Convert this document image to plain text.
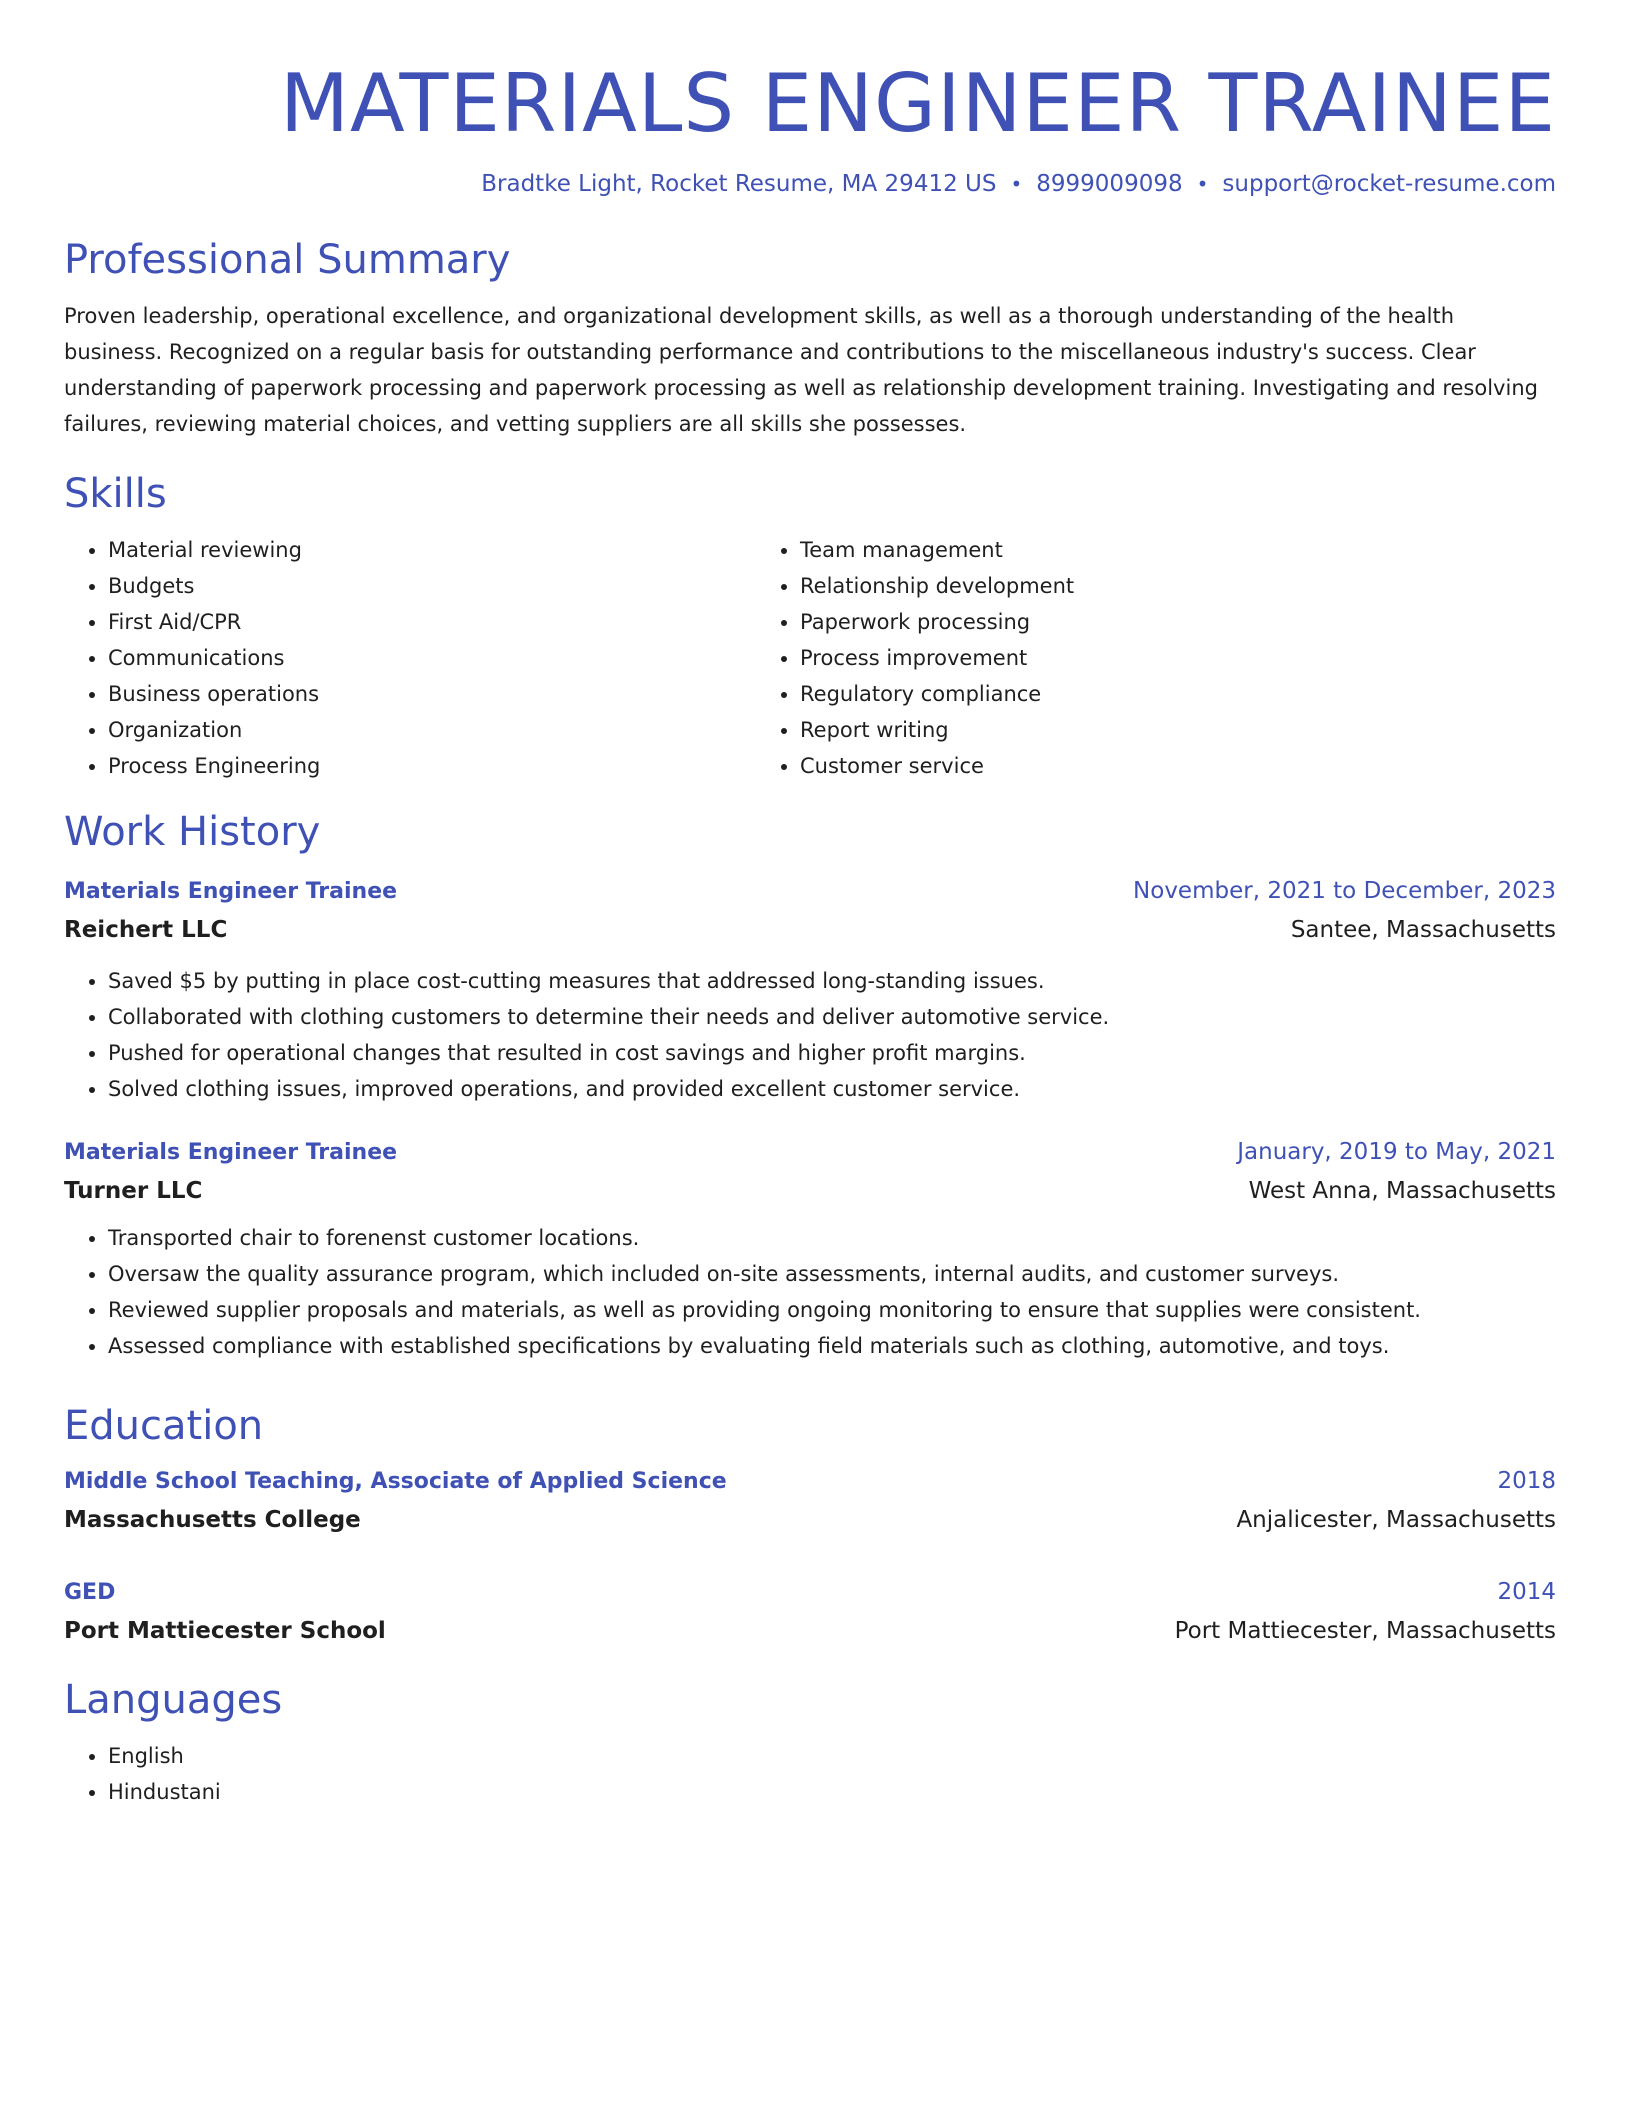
MATERIALS ENGINEER TRAINEE
Bradtke Light, Rocket Resume, MA 29412 US • 8999009098 • support@rocket-resume.com
Professional Summary

Proven leadership, operational excellence, and organizational development skills, as well as a thorough understanding of the health business. Recognized on a regular basis for outstanding performance and contributions to the miscellaneous industry's success. Clear understanding of paperwork processing and paperwork processing as well as relationship development training. Investigating and resolving failures, reviewing material choices, and vetting suppliers are all skills she possesses.

Skills
• Material reviewing
• Budgets
• First Aid/CPR
• Communications
• Business operations
• Organization
• Process Engineering
• Team management
• Relationship development
• Paperwork processing
• Process improvement
• Regulatory compliance
• Report writing
• Customer service
Work History
Materials Engineer Trainee	November, 2021 to December, 2023
Reichert LLC	Santee, Massachusetts
• Saved $5 by putting in place cost-cutting measures that addressed long-standing issues.
• Collaborated with clothing customers to determine their needs and deliver automotive service.
• Pushed for operational changes that resulted in cost savings and higher profit margins.
• Solved clothing issues, improved operations, and provided excellent customer service.
Materials Engineer Trainee	January, 2019 to May, 2021
Turner LLC	West Anna, Massachusetts
• Transported chair to forenenst customer locations.
• Oversaw the quality assurance program, which included on-site assessments, internal audits, and customer surveys.
• Reviewed supplier proposals and materials, as well as providing ongoing monitoring to ensure that supplies were consistent.
• Assessed compliance with established specifications by evaluating field materials such as clothing, automotive, and toys.
Education
Middle School Teaching, Associate of Applied Science	2018
Massachusetts College	Anjalicester, Massachusetts
GED	2014
Port Mattiecester School	Port Mattiecester, Massachusetts
Languages
• English
• Hindustani
